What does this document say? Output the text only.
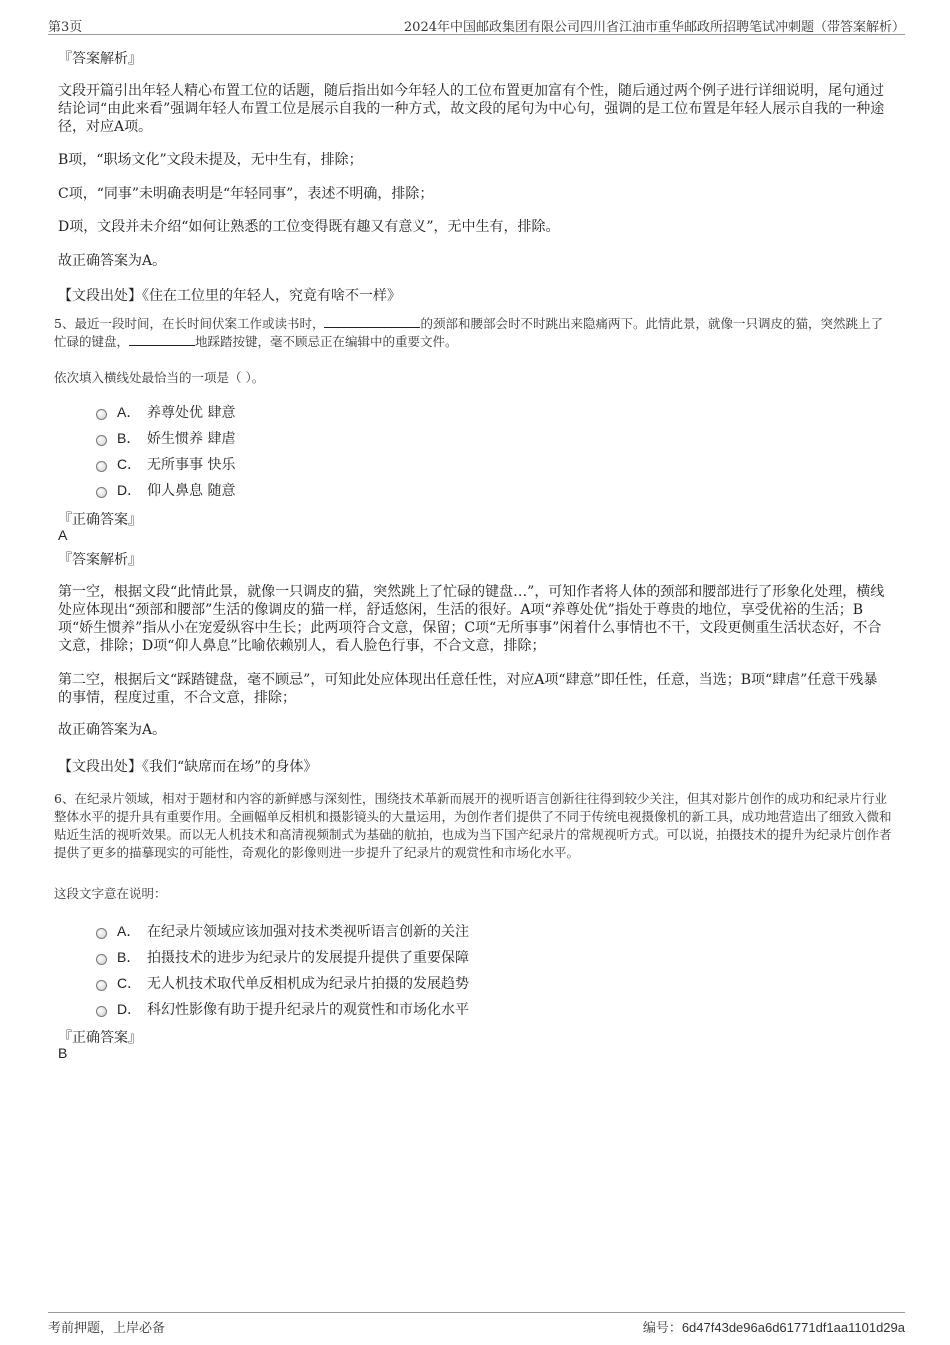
第3页	2024年中国邮政集团有限公司四川省江油市重华邮政所招聘笔试冲刺题（带答案解析）
『答案解析』
文段开篇引出年轻人精心布置工位的话题，随后指出如今年轻人的工位布置更加富有个性，随后通过两个例子进行详细说明，尾句通过结论词“由此来看”强调年轻人布置工位是展示自我的一种方式，故文段的尾句为中心句，强调的是工位布置是年轻人展示自我的一种途径，对应A项。
B项，“职场文化”文段未提及，无中生有，排除；
C项，“同事”未明确表明是“年轻同事”，表述不明确，排除；
D项，文段并未介绍“如何让熟悉的工位变得既有趣又有意义”，无中生有，排除。
故正确答案为A。
【文段出处】《住在工位里的年轻人，究竟有啥不一样》
5、最近一段时间，在长时间伏案工作或读书时，	的颈部和腰部会时不时跳出来隐痛两下。此情此景，就像一只调皮的猫，突然跳上了忙碌的键盘，	地踩踏按键，毫不顾忌正在编辑中的重要文件。
依次填入横线处最恰当的一项是（ ）。
A． 养尊处优 肆意
B． 娇生惯养 肆虐
C． 无所事事 快乐
D． 仰人鼻息 随意
『正确答案』
A
『答案解析』
第一空，根据文段“此情此景，就像一只调皮的猫，突然跳上了忙碌的键盘…”，可知作者将人体的颈部和腰部进行了形象化处理，横线处应体现出“颈部和腰部”生活的像调皮的猫一样，舒适悠闲，生活的很好。A项“养尊处优”指处于尊贵的地位，享受优裕的生活；B项“娇生惯养”指从小在宠爱纵容中生长；此两项符合文意，保留；C项“无所事事”闲着什么事情也不干，文段更侧重生活状态好，不合文意，排除；D项“仰人鼻息”比喻依赖别人，看人脸色行事，不合文意，排除；
第二空，根据后文“踩踏键盘，毫不顾忌”，可知此处应体现出任意任性，对应A项“肆意”即任性，任意，当选；B项“肆虐”任意干残暴的事情，程度过重，不合文意，排除；
故正确答案为A。
【文段出处】《我们“缺席而在场”的身体》
6、在纪录片领域，相对于题材和内容的新鲜感与深刻性，围绕技术革新而展开的视听语言创新往往得到较少关注，但其对影片创作的成功和纪录片行业整体水平的提升具有重要作用。全画幅单反相机和摄影镜头的大量运用，为创作者们提供了不同于传统电视摄像机的新工具，成功地营造出了细致入微和贴近生活的视听效果。而以无人机技术和高清视频制式为基础的航拍，也成为当下国产纪录片的常规视听方式。可以说，拍摄技术的提升为纪录片创作者提供了更多的描摹现实的可能性，奇观化的影像则进一步提升了纪录片的观赏性和市场化水平。
这段文字意在说明：
A． 在纪录片领域应该加强对技术类视听语言创新的关注
B． 拍摄技术的进步为纪录片的发展提升提供了重要保障
C． 无人机技术取代单反相机成为纪录片拍摄的发展趋势
D． 科幻性影像有助于提升纪录片的观赏性和市场化水平
『正确答案』
B
考前押题，上岸必备	编号：6d47f43de96a6d61771df1aa1101d29a
